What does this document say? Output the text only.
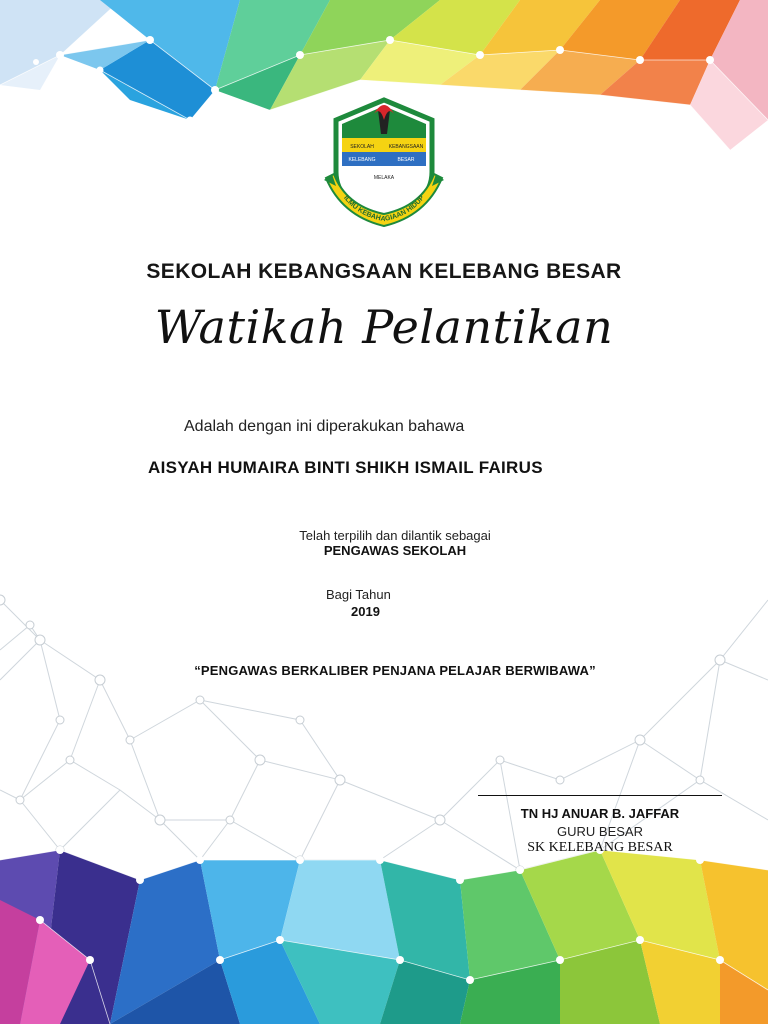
SEKOLAH	KEBANGSAAN
KELEBANG	BESAR
MELAKA
ILMU KEBAHAGIAAN HIDUP
SEKOLAH KEBANGSAAN KELEBANG BESAR
Watikah Pelantikan
Adalah dengan ini diperakukan bahawa
AISYAH HUMAIRA BINTI SHIKH ISMAIL FAIRUS
Telah terpilih dan dilantik sebagai
PENGAWAS SEKOLAH
Bagi Tahun
2019
“PENGAWAS BERKALIBER PENJANA PELAJAR BERWIBAWA”
TN HJ ANUAR B. JAFFAR
GURU BESAR
SK KELEBANG BESAR
